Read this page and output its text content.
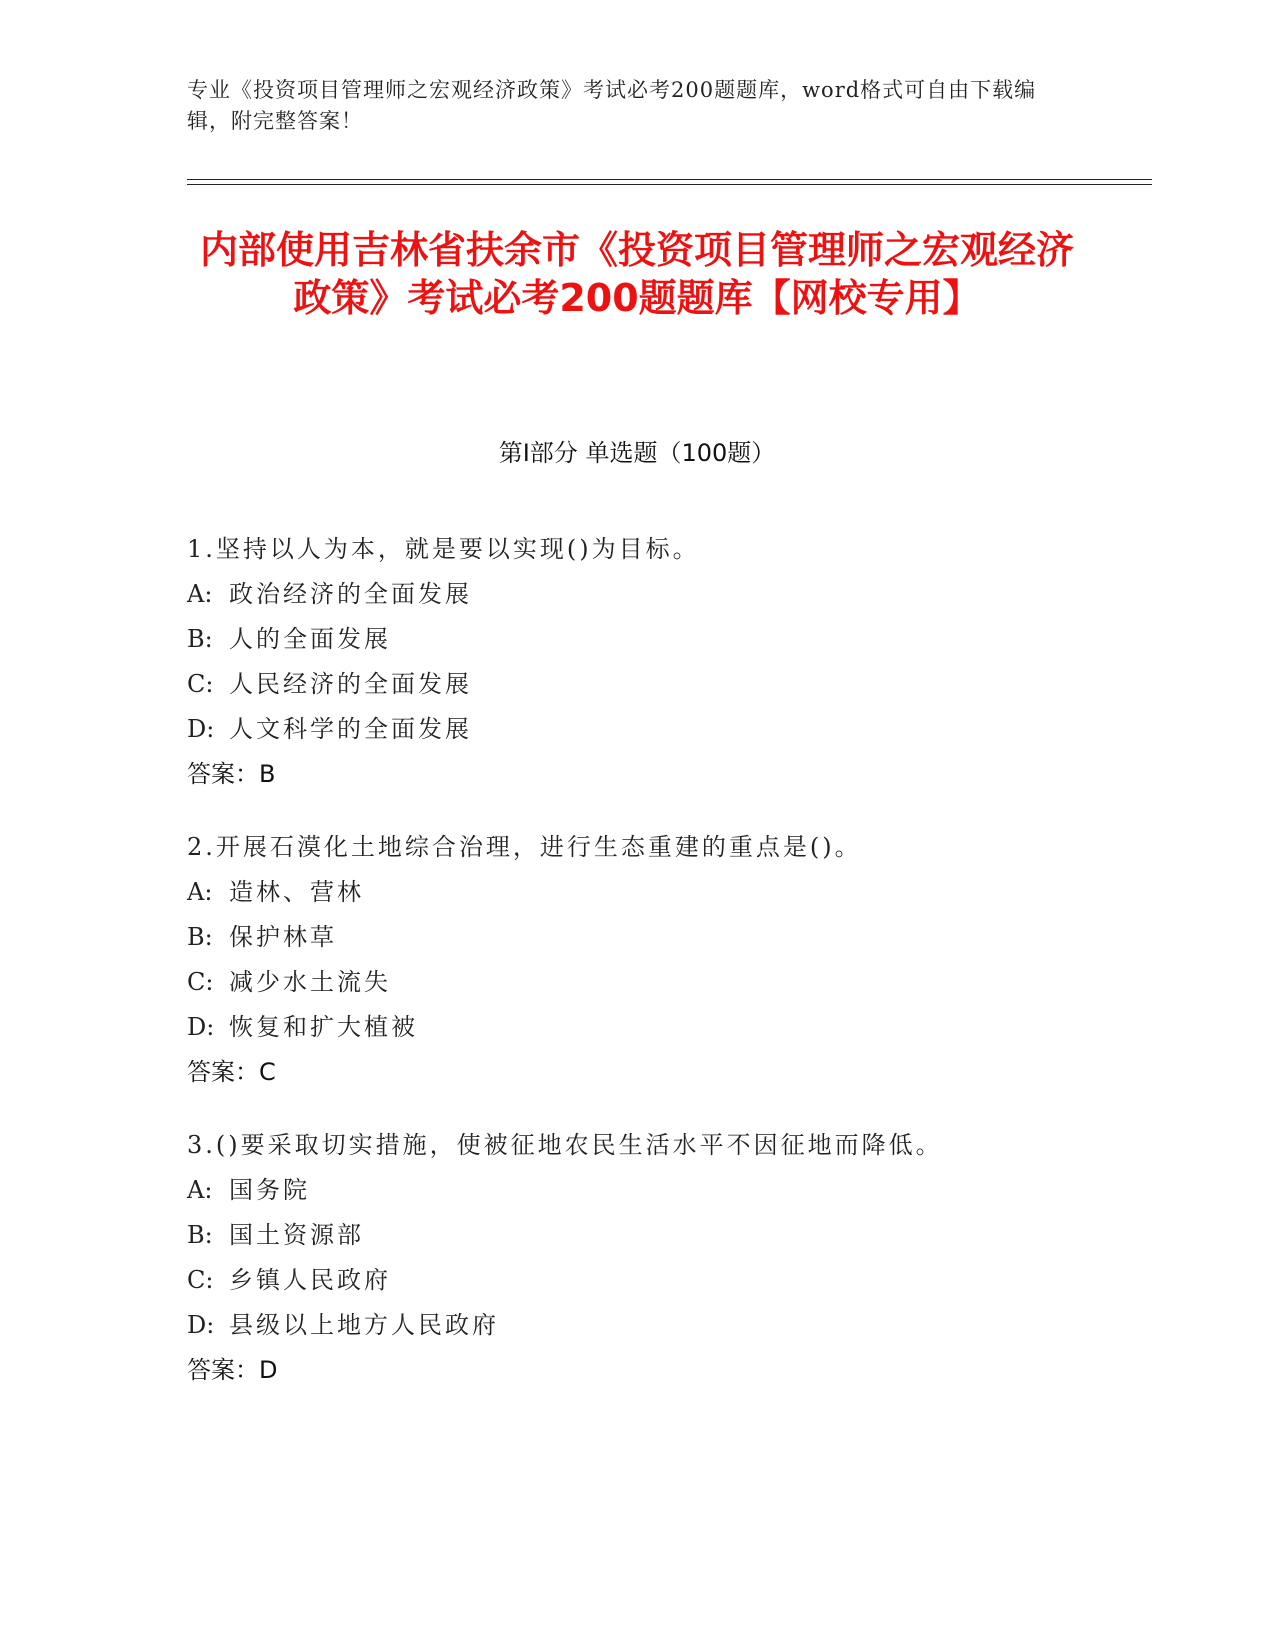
专业《投资项目管理师之宏观经济政策》考试必考200题题库，word格式可自由下载编辑，附完整答案！
内部使用吉林省扶余市《投资项目管理师之宏观经济政策》考试必考200题题库【网校专用】
第Ⅰ部分 单选题（100题）
1.坚持以人为本，就是要以实现()为目标。
A: 政治经济的全面发展
B: 人的全面发展
C: 人民经济的全面发展
D: 人文科学的全面发展
答案：B
2.开展石漠化土地综合治理，进行生态重建的重点是()。
A: 造林、营林
B: 保护林草
C: 减少水土流失
D: 恢复和扩大植被
答案：C
3.()要采取切实措施，使被征地农民生活水平不因征地而降低。
A: 国务院
B: 国土资源部
C: 乡镇人民政府
D: 县级以上地方人民政府
答案：D
